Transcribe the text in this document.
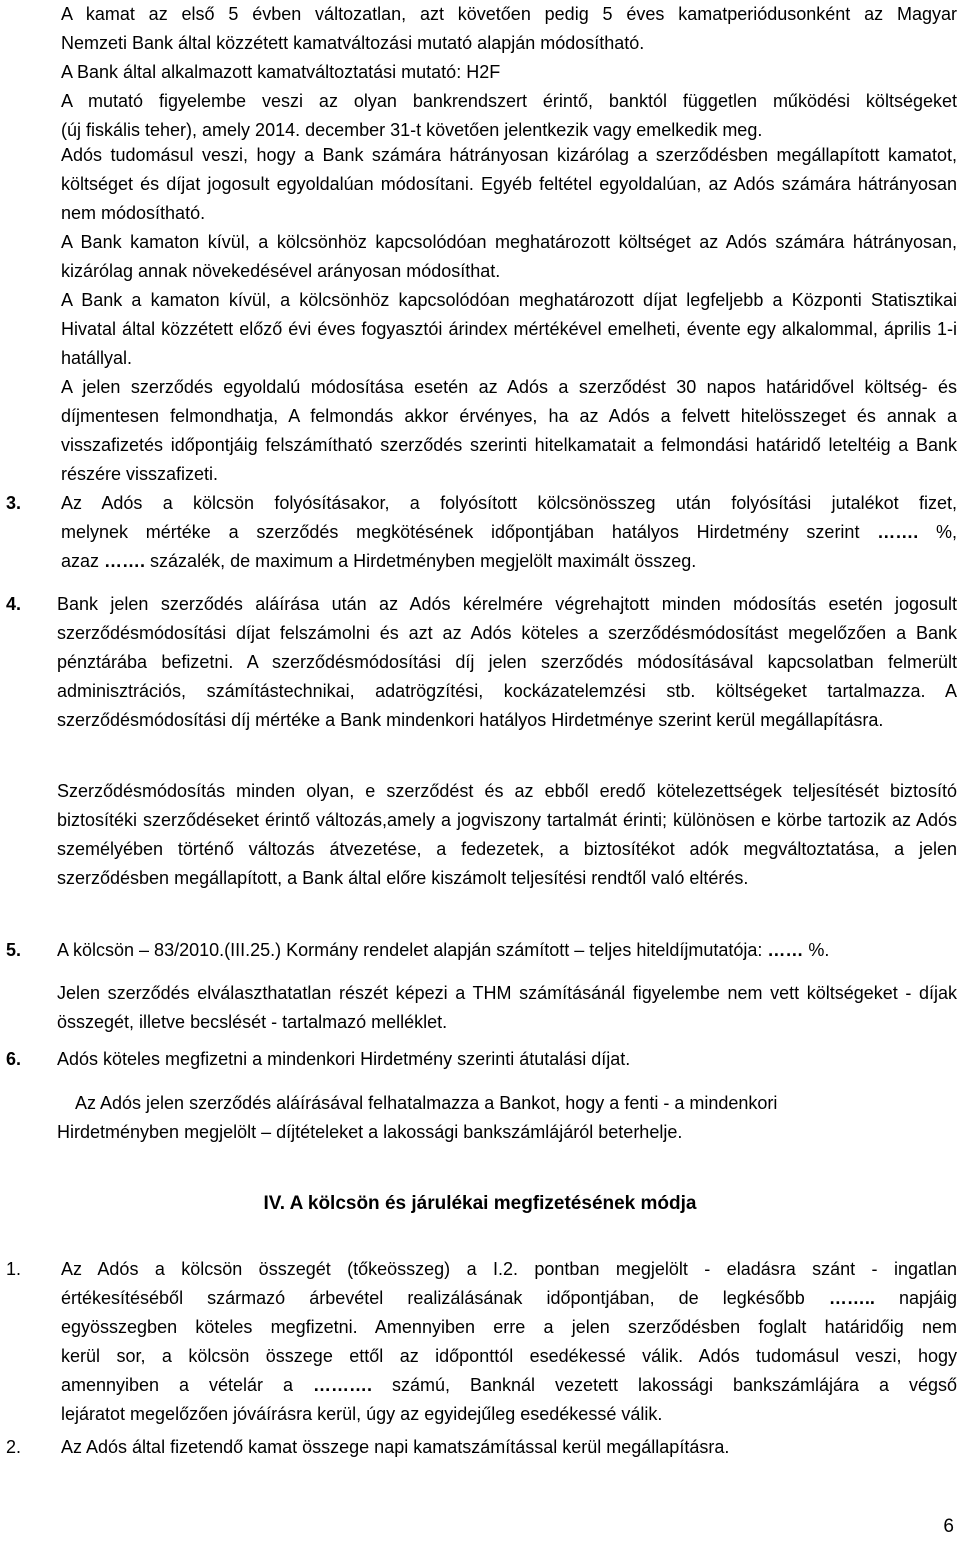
A kamat az első 5 évben változatlan, azt követően pedig 5 éves kamatperiódusonként az Magyar
Nemzeti Bank által közzétett kamatváltozási mutató alapján módosítható.
A Bank által alkalmazott kamatváltoztatási mutató: H2F
A mutató figyelembe veszi az olyan bankrendszert érintő, banktól független működési költségeket
(új fiskális teher), amely 2014. december 31-t követően jelentkezik vagy emelkedik meg.

Adós tudomásul veszi, hogy a Bank számára hátrányosan kizárólag a szerződésben megállapított kamatot, költséget és díjat jogosult egyoldalúan módosítani. Egyéb feltétel egyoldalúan, az Adós számára hátrányosan nem módosítható.

A Bank kamaton kívül, a kölcsönhöz kapcsolódóan meghatározott költséget az Adós számára hátrányosan, kizárólag annak növekedésével arányosan módosíthat.

A Bank a kamaton kívül, a kölcsönhöz kapcsolódóan meghatározott díjat legfeljebb a Központi Statisztikai Hivatal által közzétett előző évi éves fogyasztói árindex mértékével emelheti, évente egy alkalommal, április 1-i hatállyal.

A jelen szerződés egyoldalú módosítása esetén az Adós a szerződést 30 napos határidővel költség- és díjmentesen felmondhatja, A felmondás akkor érvényes, ha az Adós a felvett hitelösszeget és annak a visszafizetés időpontjáig felszámítható szerződés szerinti hitelkamatait a felmondási határidő leteltéig a Bank részére visszafizeti.

3. Az Adós a kölcsön folyósításakor, a folyósított kölcsönösszeg után folyósítási jutalékot fizet,
melynek mértéke a szerződés megkötésének időpontjában hatályos Hirdetmény szerint ……. %,
azaz ……. százalék, de maximum a Hirdetményben megjelölt maximált összeg.
4. Bank jelen szerződés aláírása után az Adós kérelmére végrehajtott minden módosítás esetén jogosult szerződésmódosítási díjat felszámolni és azt az Adós köteles a szerződésmódosítást megelőzően a Bank pénztárába befizetni. A szerződésmódosítási díj jelen szerződés módosításával kapcsolatban felmerült adminisztrációs, számítástechnikai, adatrögzítési, kockázatelemzési stb. költségeket tartalmazza. A szerződésmódosítási díj mértéke a Bank mindenkori hatályos Hirdetménye szerint kerül megállapításra.

Szerződésmódosítás minden olyan, e szerződést és az ebből eredő kötelezettségek teljesítését biztosító biztosítéki szerződéseket érintő változás,amely a jogviszony tartalmát érinti; különösen e körbe tartozik az Adós személyében történő változás átvezetése, a fedezetek, a biztosítékot adók megváltoztatása, a jelen szerződésben megállapított, a Bank által előre kiszámolt teljesítési rendtől való eltérés.

5. A kölcsön – 83/2010.(III.25.) Kormány rendelet alapján számított – teljes hiteldíjmutatója: …… %.

Jelen szerződés elválaszthatatlan részét képezi a THM számításánál figyelembe nem vett költségeket - díjak összegét, illetve becslését - tartalmazó melléklet.

6. Adós köteles megfizetni a mindenkori Hirdetmény szerinti átutalási díjat.

Az Adós jelen szerződés aláírásával felhatalmazza a Bankot, hogy a fenti - a mindenkori
Hirdetményben megjelölt – díjtételeket a lakossági bankszámlájáról beterhelje.
IV. A kölcsön és járulékai megfizetésének módja
1. Az Adós a kölcsön összegét (tőkeösszeg) a I.2. pontban megjelölt - eladásra szánt - ingatlan
értékesítéséből származó árbevétel realizálásának időpontjában, de legkésőbb …….. napjáig
egyösszegben köteles megfizetni. Amennyiben erre a jelen szerződésben foglalt határidőig nem
kerül sor, a kölcsön összege ettől az időponttól esedékessé válik. Adós tudomásul veszi, hogy
amennyiben a vételár a ………. számú, Banknál vezetett lakossági bankszámlájára a végső
lejáratot megelőzően jóváírásra kerül, úgy az egyidejűleg esedékessé válik.
2. Az Adós által fizetendő kamat összege napi kamatszámítással kerül megállapításra.

6
